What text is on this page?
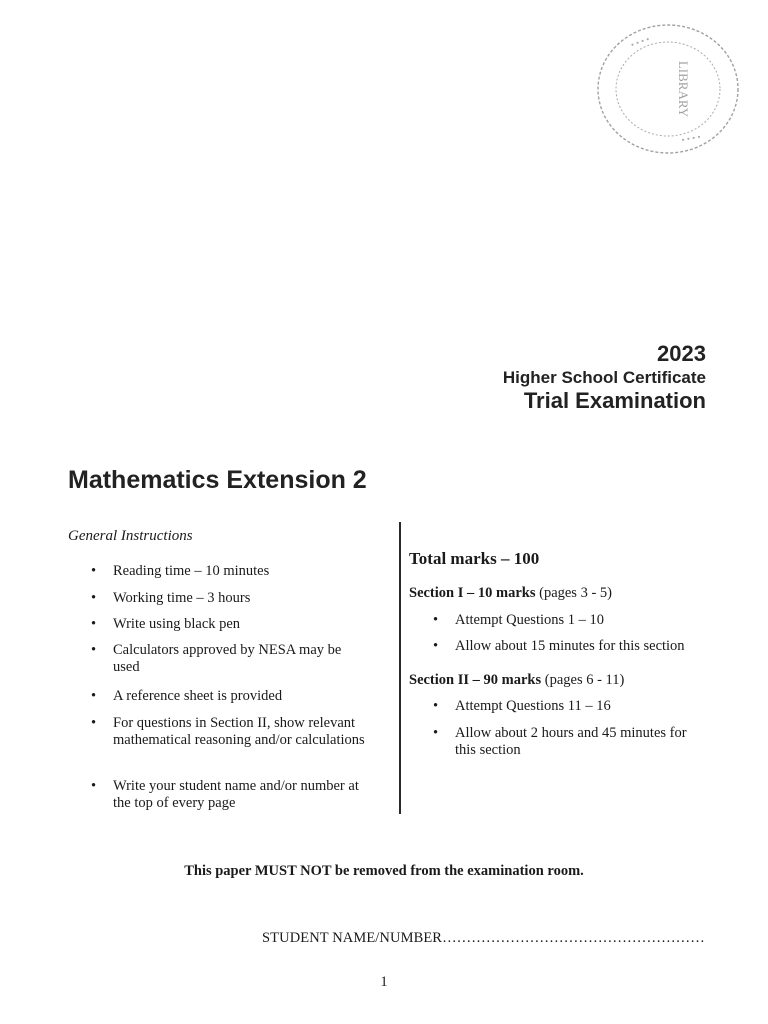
LIBRARY
• • • •
• • • •
2023
Higher School Certificate
Trial Examination
Mathematics Extension 2
General Instructions
• Reading time – 10 minutes
• Working time – 3 hours
• Write using black pen
• Calculators approved by NESA may be used
• A reference sheet is provided
• For questions in Section II, show relevant mathematical reasoning and/or calculations
• Write your student name and/or number at the top of every page
Total marks – 100
Section I – 10 marks (pages 3 - 5)
Section II – 90 marks (pages 6 - 11)
• Attempt Questions 1 – 10
• Allow about 15 minutes for this section
• Attempt Questions 11 – 16
• Allow about 2 hours and 45 minutes for this section
This paper MUST NOT be removed from the examination room.
STUDENT NAME/NUMBER………………………………………………
1
